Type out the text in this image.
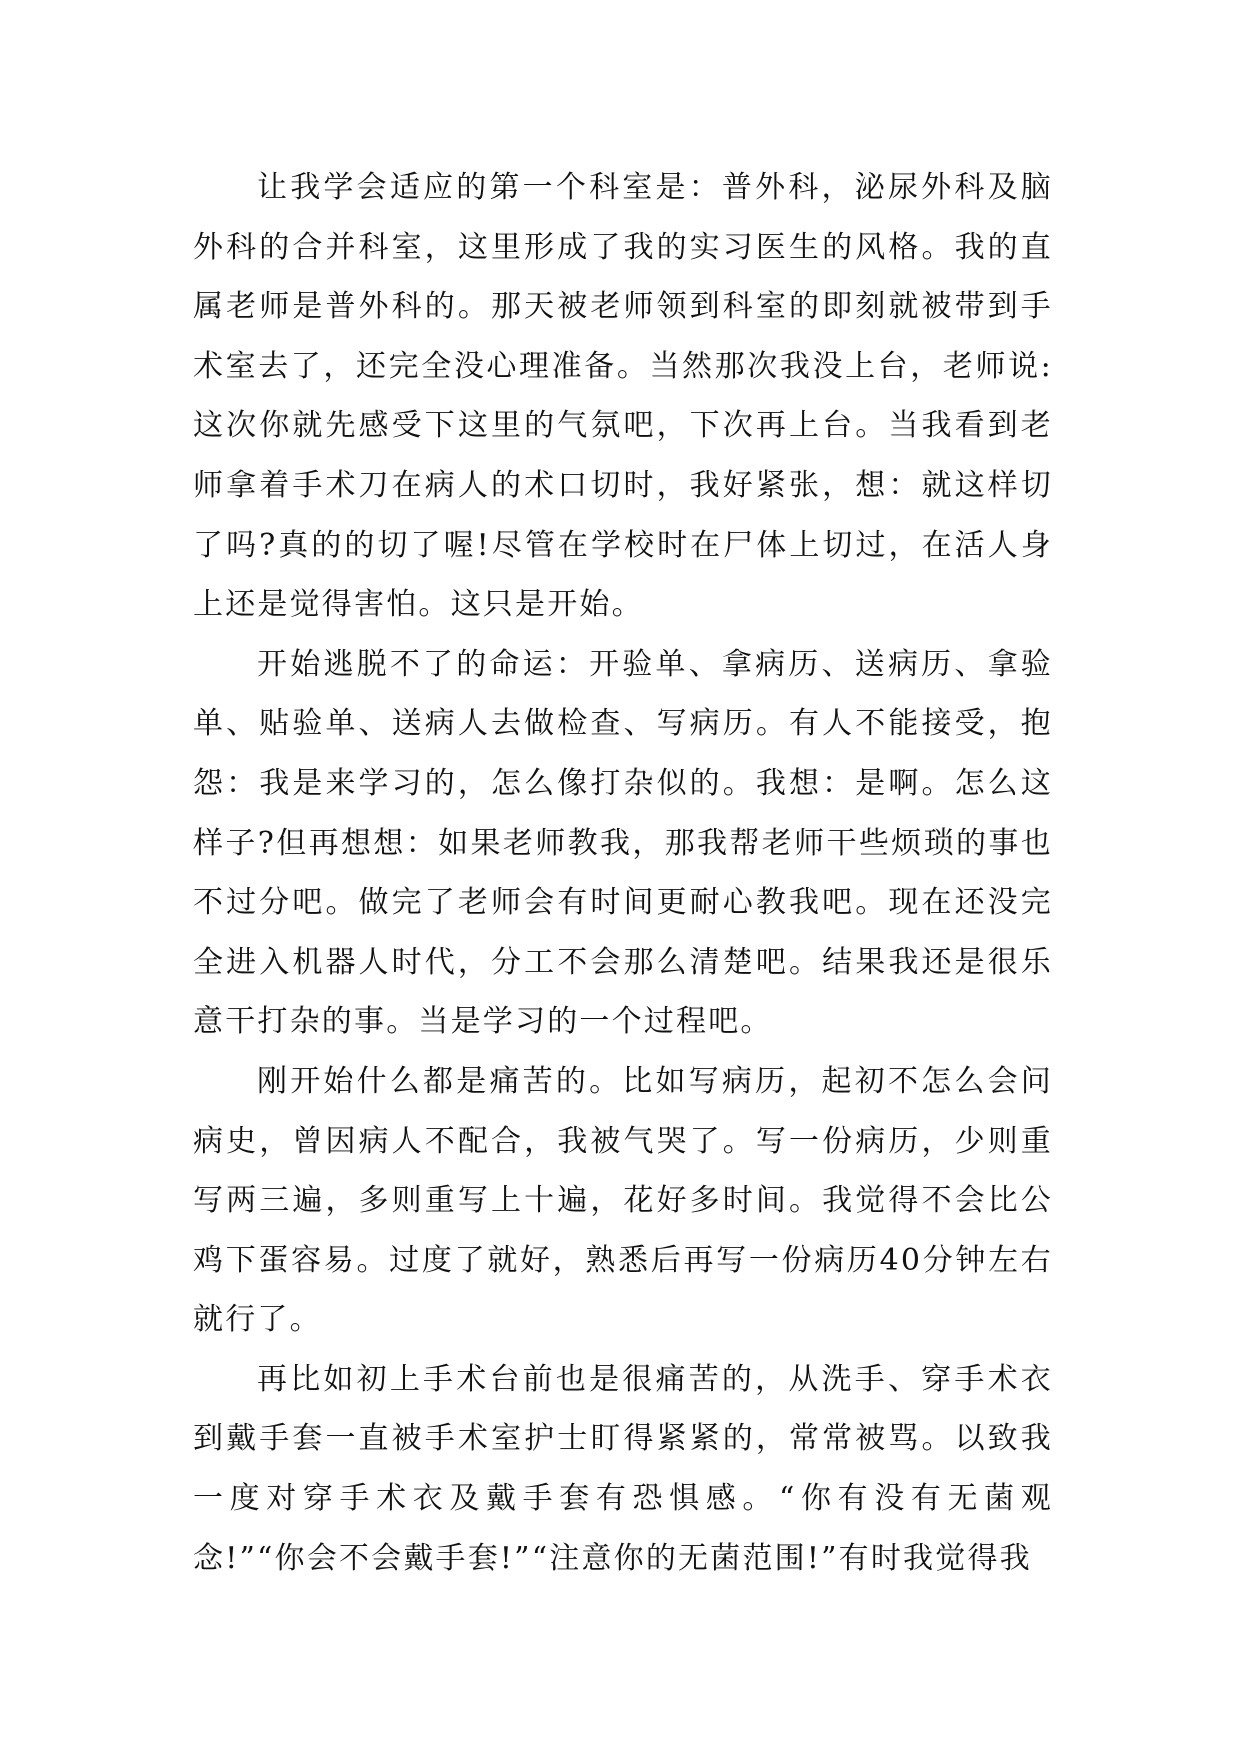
让我学会适应的第一个科室是：普外科，泌尿外科及脑外科的合并科室，这里形成了我的实习医生的风格。我的直属老师是普外科的。那天被老师领到科室的即刻就被带到手术室去了，还完全没心理准备。当然那次我没上台，老师说:这次你就先感受下这里的气氛吧，下次再上台。当我看到老师拿着手术刀在病人的术口切时，我好紧张，想：就这样切了吗?真的的切了喔!尽管在学校时在尸体上切过，在活人身上还是觉得害怕。这只是开始。

开始逃脱不了的命运：开验单、拿病历、送病历、拿验单、贴验单、送病人去做检查、写病历。有人不能接受，抱怨：我是来学习的，怎么像打杂似的。我想：是啊。怎么这样子?但再想想：如果老师教我，那我帮老师干些烦琐的事也不过分吧。做完了老师会有时间更耐心教我吧。现在还没完全进入机器人时代，分工不会那么清楚吧。结果我还是很乐意干打杂的事。当是学习的一个过程吧。

刚开始什么都是痛苦的。比如写病历，起初不怎么会问病史，曾因病人不配合，我被气哭了。写一份病历，少则重写两三遍，多则重写上十遍，花好多时间。我觉得不会比公鸡下蛋容易。过度了就好，熟悉后再写一份病历40分钟左右就行了。

再比如初上手术台前也是很痛苦的，从洗手、穿手术衣到戴手套一直被手术室护士盯得紧紧的，常常被骂。以致我一度对穿手术衣及戴手套有恐惧感。“你有没有无菌观念!”“你会不会戴手套!”“注意你的无菌范围!”有时我觉得我
